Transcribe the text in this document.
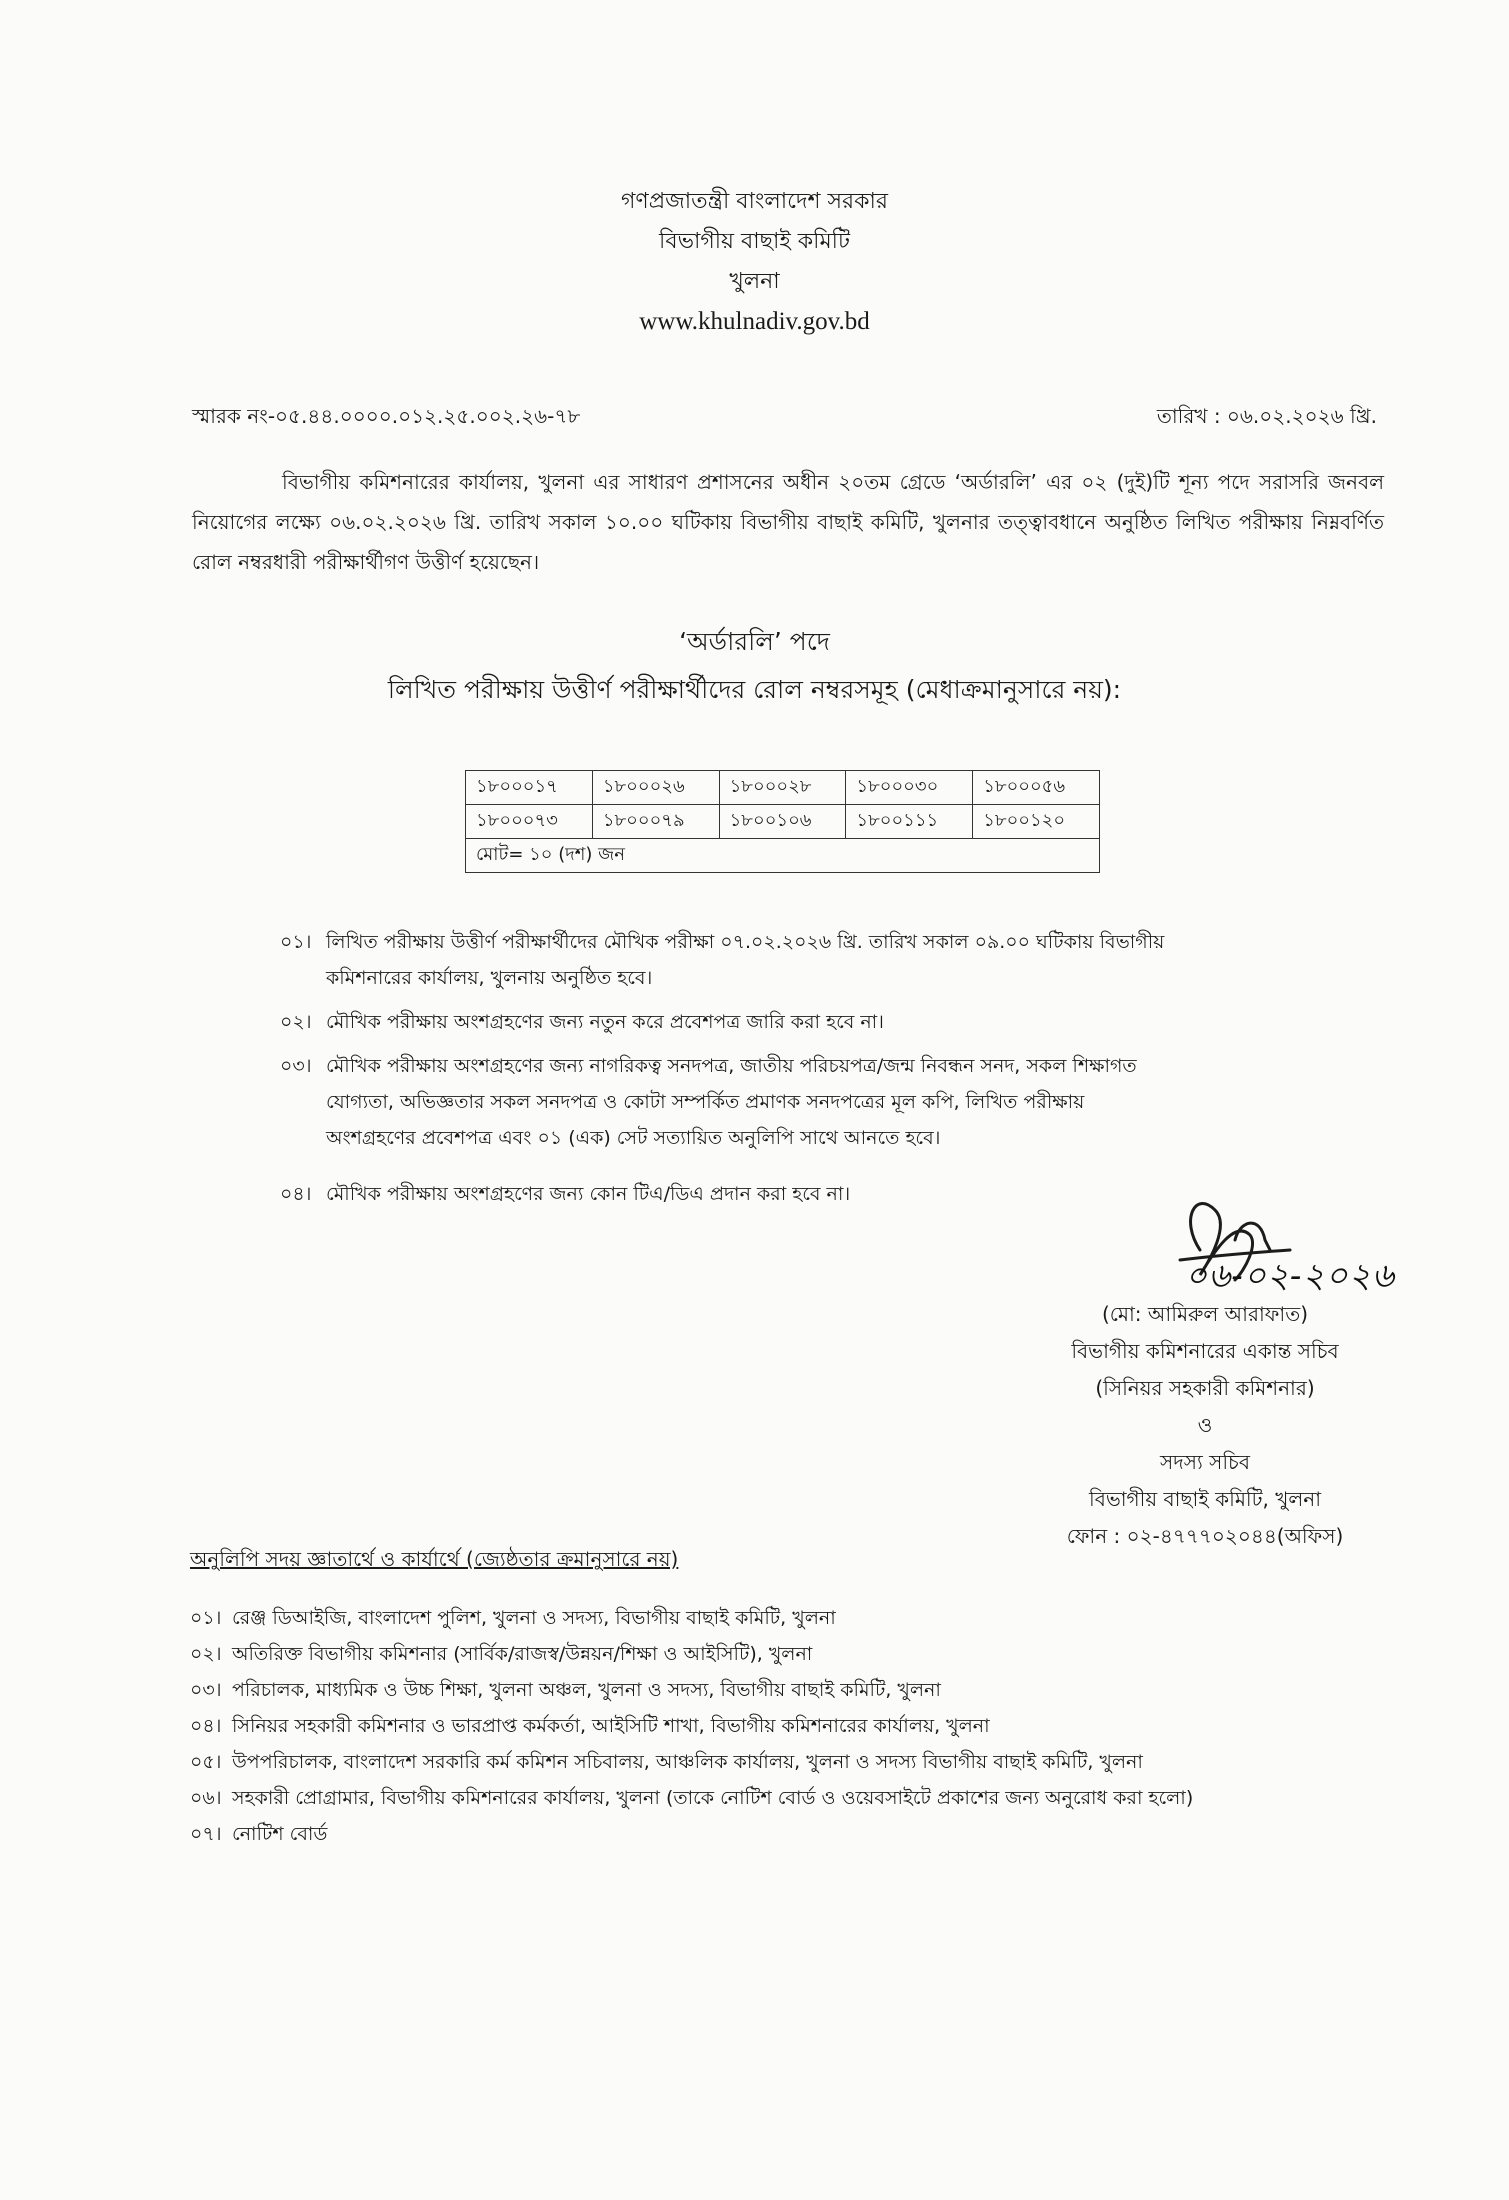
গণপ্রজাতন্ত্রী বাংলাদেশ সরকার
বিভাগীয় বাছাই কমিটি
খুলনা
www.khulnadiv.gov.bd
স্মারক নং-০৫.৪৪.০০০০.০১২.২৫.০০২.২৬-৭৮	তারিখ : ০৬.০২.২০২৬ খ্রি.
বিভাগীয় কমিশনারের কার্যালয়, খুলনা এর সাধারণ প্রশাসনের অধীন ২০তম গ্রেডে ‘অর্ডারলি’ এর ০২ (দুই)টি শূন্য পদে সরাসরি জনবল নিয়োগের লক্ষ্যে ০৬.০২.২০২৬ খ্রি. তারিখ সকাল ১০.০০ ঘটিকায় বিভাগীয় বাছাই কমিটি, খুলনার তত্ত্বাবধানে অনুষ্ঠিত লিখিত পরীক্ষায় নিম্নবর্ণিত রোল নম্বরধারী পরীক্ষার্থীগণ উত্তীর্ণ হয়েছেন।
‘অর্ডারলি’ পদে
লিখিত পরীক্ষায় উত্তীর্ণ পরীক্ষার্থীদের রোল নম্বরসমূহ (মেধাক্রমানুসারে নয়):
১৮০০০১৭	১৮০০০২৬	১৮০০০২৮	১৮০০০৩০	১৮০০০৫৬
১৮০০০৭৩	১৮০০০৭৯	১৮০০১০৬	১৮০০১১১	১৮০০১২০
মোট= ১০ (দশ) জন				
০১। লিখিত পরীক্ষায় উত্তীর্ণ পরীক্ষার্থীদের মৌখিক পরীক্ষা ০৭.০২.২০২৬ খ্রি. তারিখ সকাল ০৯.০০ ঘটিকায় বিভাগীয়
কমিশনারের কার্যালয়, খুলনায় অনুষ্ঠিত হবে।
০২। মৌখিক পরীক্ষায় অংশগ্রহণের জন্য নতুন করে প্রবেশপত্র জারি করা হবে না।
০৩। মৌখিক পরীক্ষায় অংশগ্রহণের জন্য নাগরিকত্ব সনদপত্র, জাতীয় পরিচয়পত্র/জন্ম নিবন্ধন সনদ, সকল শিক্ষাগত
যোগ্যতা, অভিজ্ঞতার সকল সনদপত্র ও কোটা সম্পর্কিত প্রমাণক সনদপত্রের মূল কপি, লিখিত পরীক্ষায়
অংশগ্রহণের প্রবেশপত্র এবং ০১ (এক) সেট সত্যায়িত অনুলিপি সাথে আনতে হবে।
০৪। মৌখিক পরীক্ষায় অংশগ্রহণের জন্য কোন টিএ/ডিএ প্রদান করা হবে না।
০৬-০২-২০২৬
(মো: আমিরুল আরাফাত)
বিভাগীয় কমিশনারের একান্ত সচিব
(সিনিয়র সহকারী কমিশনার)
ও
সদস্য সচিব
বিভাগীয় বাছাই কমিটি, খুলনা
ফোন : ০২-৪৭৭৭০২০৪৪(অফিস)
অনুলিপি সদয় জ্ঞাতার্থে ও কার্যার্থে (জ্যেষ্ঠতার ক্রমানুসারে নয়)
০১। রেঞ্জ ডিআইজি, বাংলাদেশ পুলিশ, খুলনা ও সদস্য, বিভাগীয় বাছাই কমিটি, খুলনা
০২। অতিরিক্ত বিভাগীয় কমিশনার (সার্বিক/রাজস্ব/উন্নয়ন/শিক্ষা ও আইসিটি), খুলনা
০৩। পরিচালক, মাধ্যমিক ও উচ্চ শিক্ষা, খুলনা অঞ্চল, খুলনা ও সদস্য, বিভাগীয় বাছাই কমিটি, খুলনা
০৪। সিনিয়র সহকারী কমিশনার ও ভারপ্রাপ্ত কর্মকর্তা, আইসিটি শাখা, বিভাগীয় কমিশনারের কার্যালয়, খুলনা
০৫। উপপরিচালক, বাংলাদেশ সরকারি কর্ম কমিশন সচিবালয়, আঞ্চলিক কার্যালয়, খুলনা ও সদস্য বিভাগীয় বাছাই কমিটি, খুলনা
০৬। সহকারী প্রোগ্রামার, বিভাগীয় কমিশনারের কার্যালয়, খুলনা (তাকে নোটিশ বোর্ড ও ওয়েবসাইটে প্রকাশের জন্য অনুরোধ করা হলো)
০৭। নোটিশ বোর্ড
